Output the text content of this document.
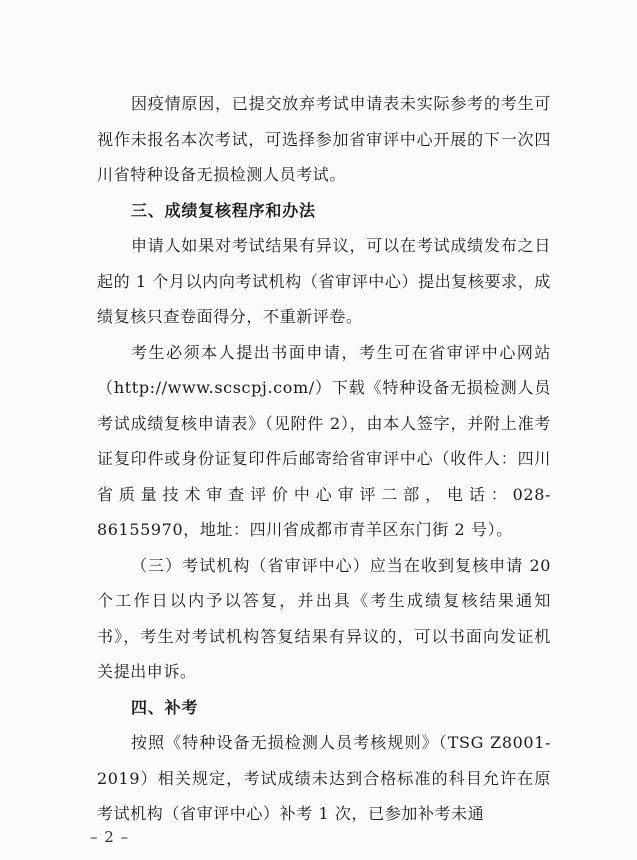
因疫情原因，已提交放弃考试申请表未实际参考的考生可视作未报名本次考试，可选择参加省审评中心开展的下一次四川省特种设备无损检测人员考试。

三、成绩复核程序和办法

申请人如果对考试结果有异议，可以在考试成绩发布之日起的 1 个月以内向考试机构（省审评中心）提出复核要求，成绩复核只查卷面得分，不重新评卷。

考生必须本人提出书面申请，考生可在省审评中心网站（http://www.scscpj.com/）下载《特种设备无损检测人员考试成绩复核申请表》（见附件 2），由本人签字，并附上准考证复印件或身份证复印件后邮寄给省审评中心（收件人：四川省质量技术审查评价中心审评二部，电话：028-86155970，地址：四川省成都市青羊区东门街 2 号）。

（三）考试机构（省审评中心）应当在收到复核申请 20 个工作日以内予以答复，并出具《考生成绩复核结果通知书》，考生对考试机构答复结果有异议的，可以书面向发证机关提出申诉。

四、补考

按照《特种设备无损检测人员考核规则》（TSG Z8001-2019）相关规定，考试成绩未达到合格标准的科目允许在原考试机构（省审评中心）补考 1 次，已参加补考未通

– 2 –
